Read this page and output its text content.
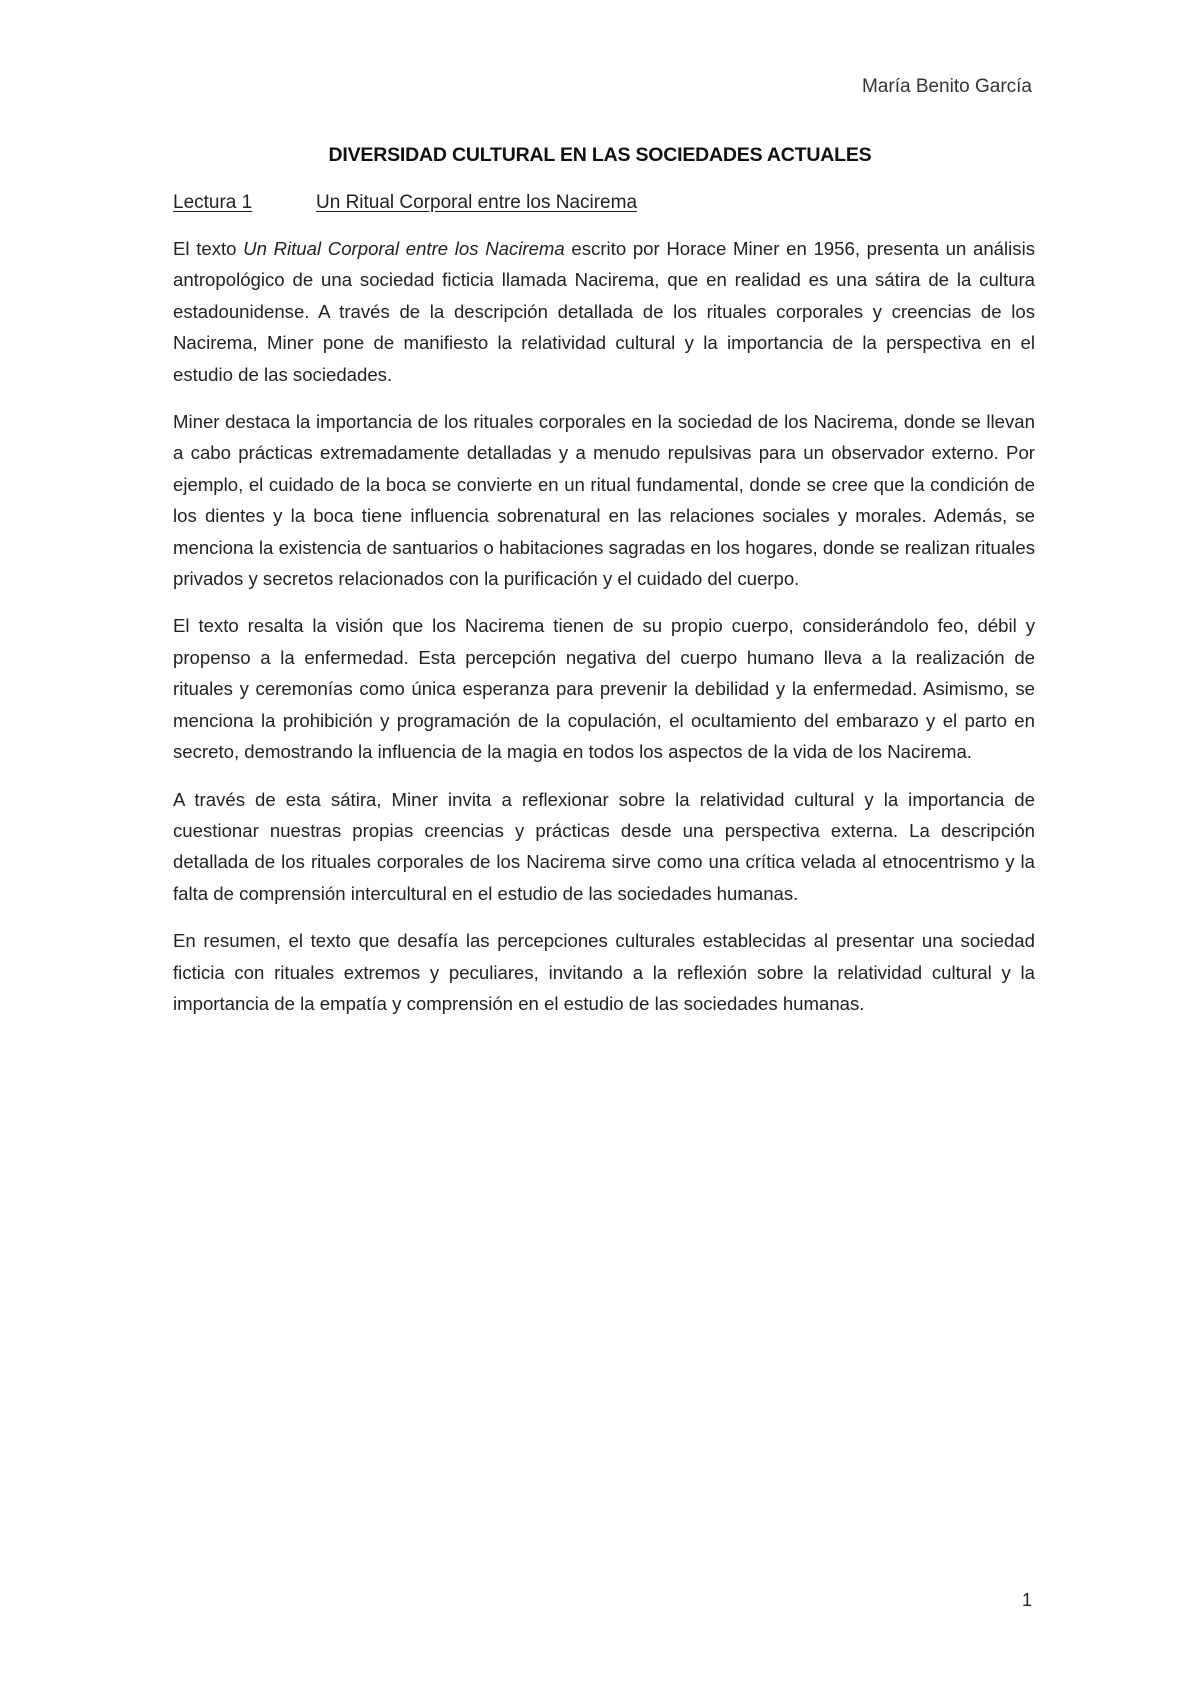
María Benito García
DIVERSIDAD CULTURAL EN LAS SOCIEDADES ACTUALES
Lectura 1	Un Ritual Corporal entre los Nacirema

El texto Un Ritual Corporal entre los Nacirema escrito por Horace Miner en 1956, presenta un análisis antropológico de una sociedad ficticia llamada Nacirema, que en realidad es una sátira de la cultura estadounidense. A través de la descripción detallada de los rituales corporales y creencias de los Nacirema, Miner pone de manifiesto la relatividad cultural y la importancia de la perspectiva en el estudio de las sociedades.

Miner destaca la importancia de los rituales corporales en la sociedad de los Nacirema, donde se llevan a cabo prácticas extremadamente detalladas y a menudo repulsivas para un observador externo. Por ejemplo, el cuidado de la boca se convierte en un ritual fundamental, donde se cree que la condición de los dientes y la boca tiene influencia sobrenatural en las relaciones sociales y morales. Además, se menciona la existencia de santuarios o habitaciones sagradas en los hogares, donde se realizan rituales privados y secretos relacionados con la purificación y el cuidado del cuerpo.

El texto resalta la visión que los Nacirema tienen de su propio cuerpo, considerándolo feo, débil y propenso a la enfermedad. Esta percepción negativa del cuerpo humano lleva a la realización de rituales y ceremonías como única esperanza para prevenir la debilidad y la enfermedad. Asimismo, se menciona la prohibición y programación de la copulación, el ocultamiento del embarazo y el parto en secreto, demostrando la influencia de la magia en todos los aspectos de la vida de los Nacirema.

A través de esta sátira, Miner invita a reflexionar sobre la relatividad cultural y la importancia de cuestionar nuestras propias creencias y prácticas desde una perspectiva externa. La descripción detallada de los rituales corporales de los Nacirema sirve como una crítica velada al etnocentrismo y la falta de comprensión intercultural en el estudio de las sociedades humanas.

En resumen, el texto que desafía las percepciones culturales establecidas al presentar una sociedad ficticia con rituales extremos y peculiares, invitando a la reflexión sobre la relatividad cultural y la importancia de la empatía y comprensión en el estudio de las sociedades humanas.

1
